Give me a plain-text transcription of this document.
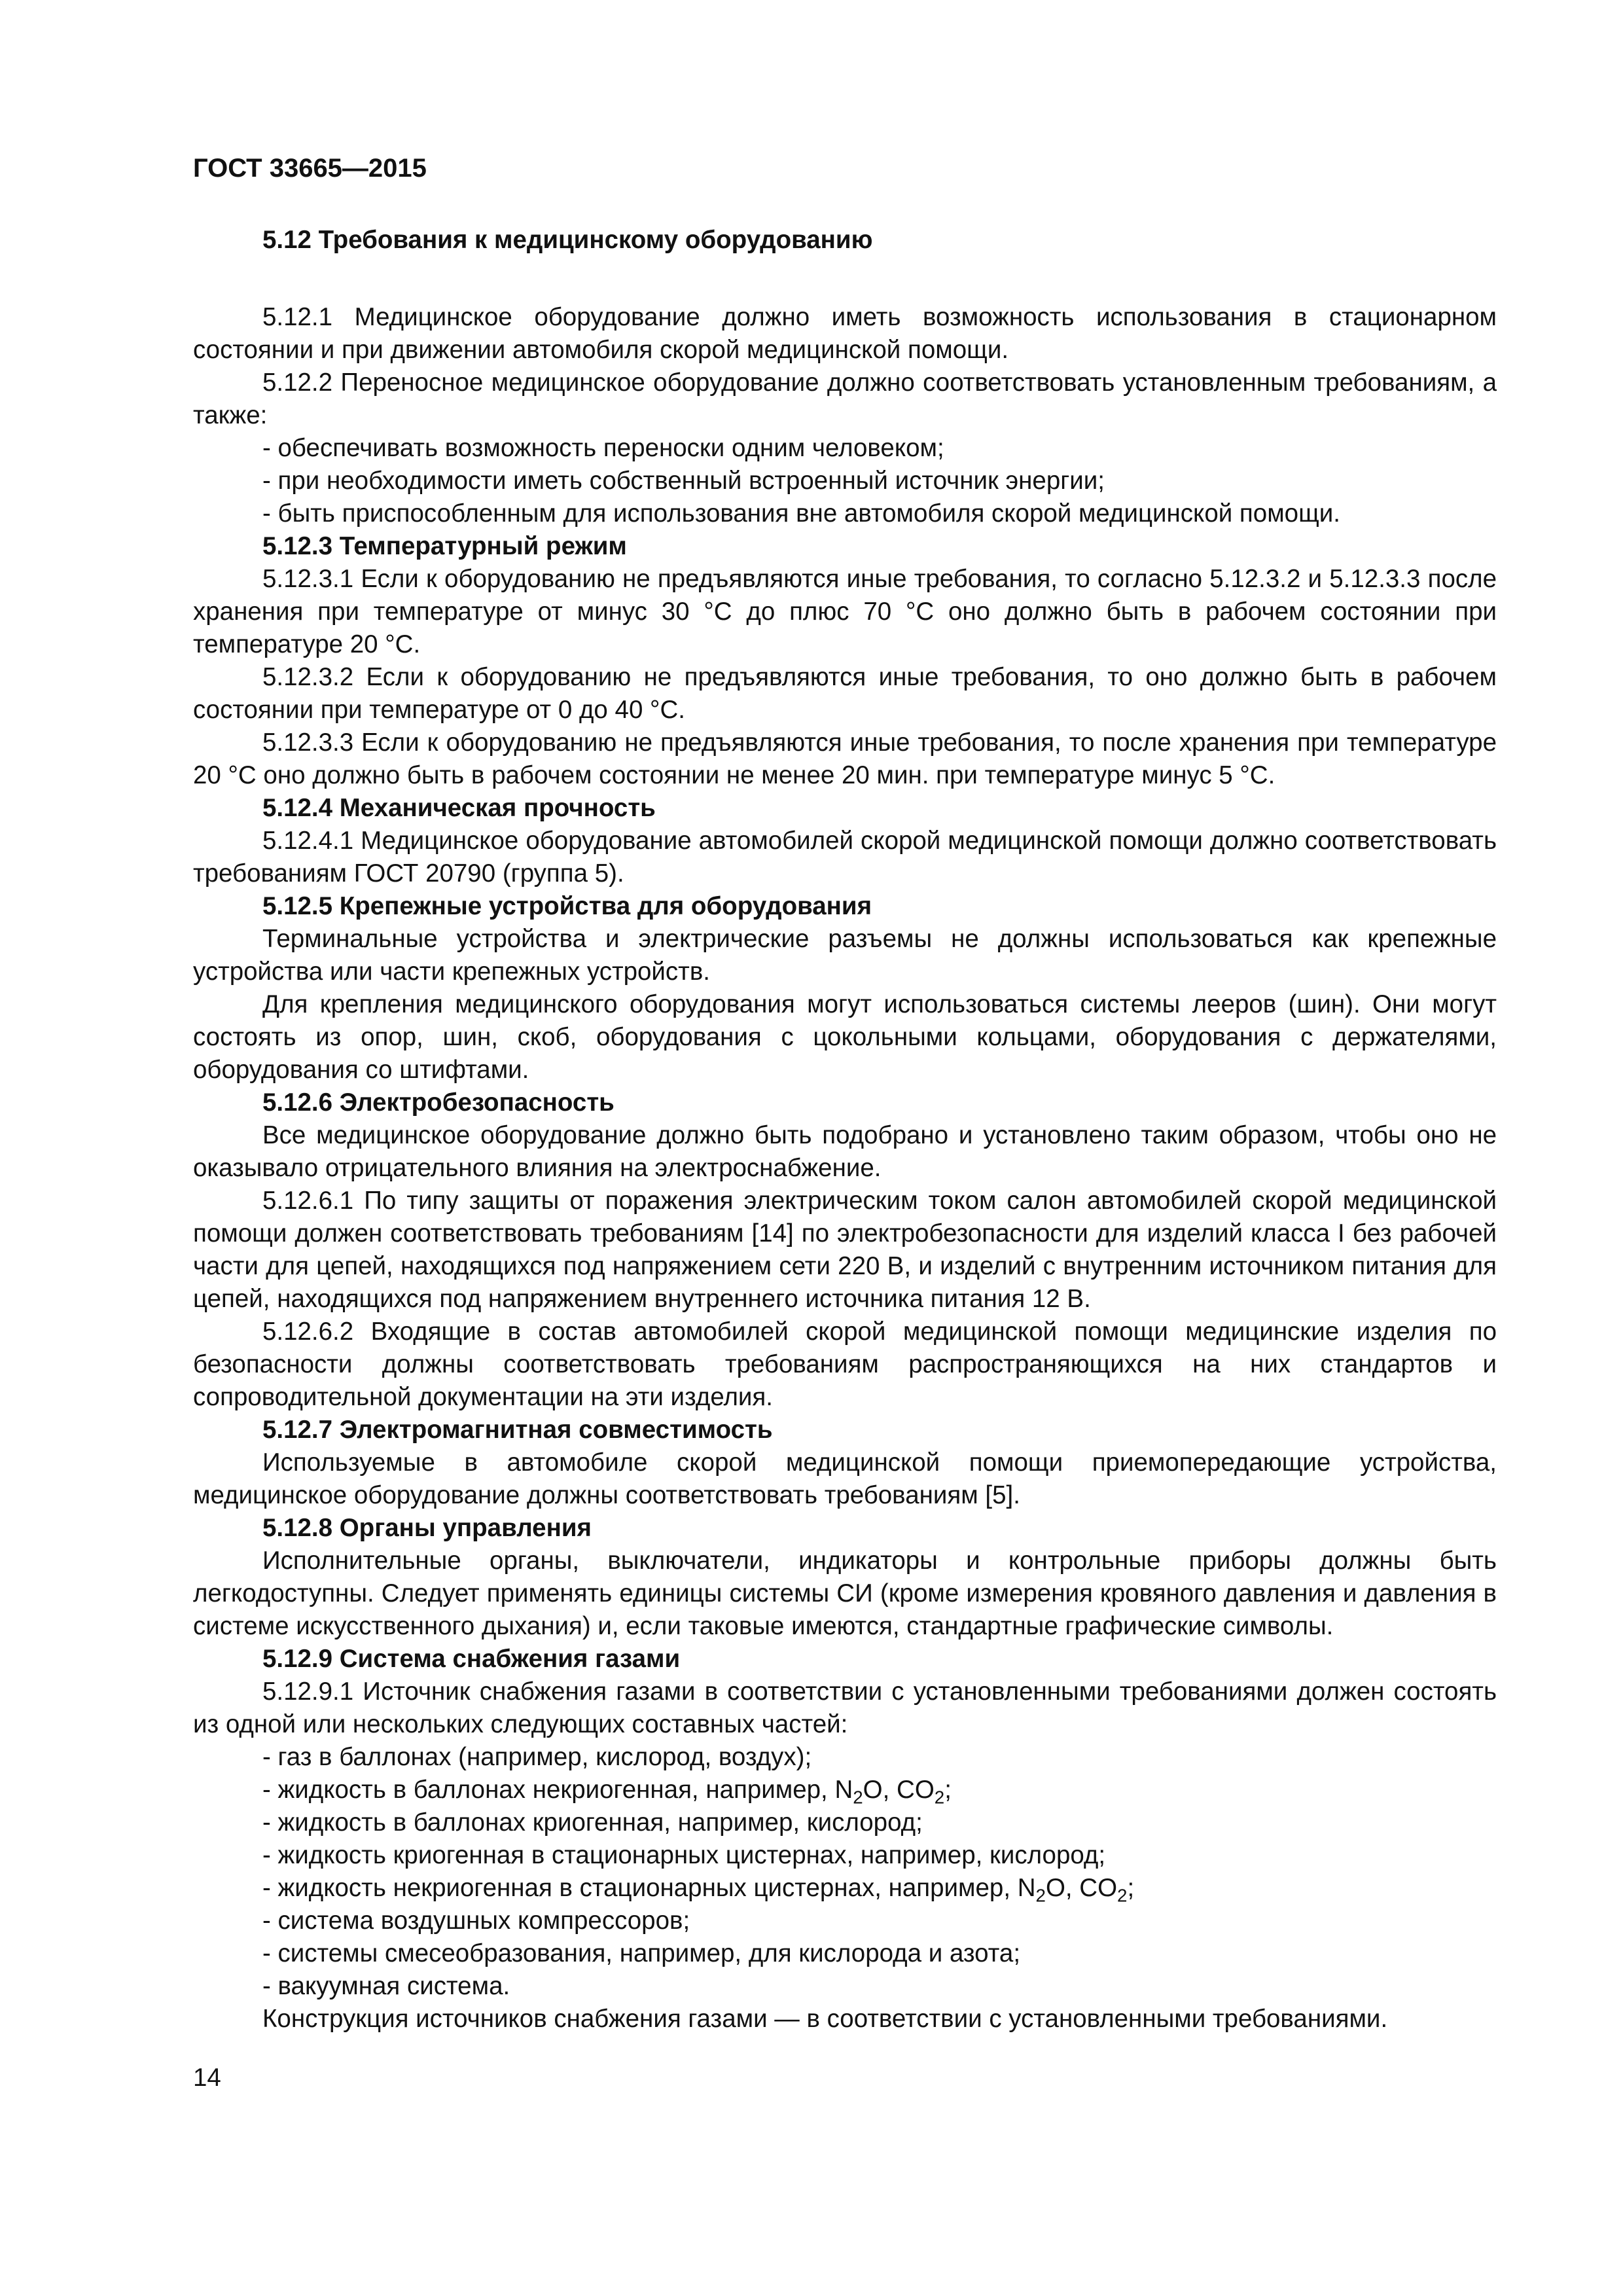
ГОСТ 33665—2015
5.12 Требования к медицинскому оборудованию

5.12.1 Медицинское оборудование должно иметь возможность использования в стационарном состоянии и при движении автомобиля скорой медицинской помощи.

5.12.2 Переносное медицинское оборудование должно соответствовать установленным требованиям, а также:

- обеспечивать возможность переноски одним человеком;

- при необходимости иметь собственный встроенный источник энергии;

- быть приспособленным для использования вне автомобиля скорой медицинской помощи.

5.12.3 Температурный режим

5.12.3.1 Если к оборудованию не предъявляются иные требования, то согласно 5.12.3.2 и 5.12.3.3 после хранения при температуре от минус 30 °С до плюс 70 °С оно должно быть в рабочем состоянии при температуре 20 °С.

5.12.3.2 Если к оборудованию не предъявляются иные требования, то оно должно быть в рабочем состоянии при температуре от 0 до 40 °С.

5.12.3.3 Если к оборудованию не предъявляются иные требования, то после хранения при температуре 20 °С оно должно быть в рабочем состоянии не менее 20 мин. при температуре минус 5 °С.

5.12.4 Механическая прочность

5.12.4.1 Медицинское оборудование автомобилей скорой медицинской помощи должно соответствовать требованиям ГОСТ 20790 (группа 5).

5.12.5 Крепежные устройства для оборудования

Терминальные устройства и электрические разъемы не должны использоваться как крепежные устройства или части крепежных устройств.

Для крепления медицинского оборудования могут использоваться системы лееров (шин). Они могут состоять из опор, шин, скоб, оборудования с цокольными кольцами, оборудования с держателями, оборудования со штифтами.

5.12.6 Электробезопасность

Все медицинское оборудование должно быть подобрано и установлено таким образом, чтобы оно не оказывало отрицательного влияния на электроснабжение.

5.12.6.1 По типу защиты от поражения электрическим током салон автомобилей скорой медицинской помощи должен соответствовать требованиям [14] по электробезопасности для изделий класса I без рабочей части для цепей, находящихся под напряжением сети 220 В, и изделий с внутренним источником питания для цепей, находящихся под напряжением внутреннего источника питания 12 В.

5.12.6.2 Входящие в состав автомобилей скорой медицинской помощи медицинские изделия по безопасности должны соответствовать требованиям распространяющихся на них стандартов и сопроводительной документации на эти изделия.

5.12.7 Электромагнитная совместимость

Используемые в автомобиле скорой медицинской помощи приемопередающие устройства, медицинское оборудование должны соответствовать требованиям [5].

5.12.8 Органы управления

Исполнительные органы, выключатели, индикаторы и контрольные приборы должны быть легкодоступны. Следует применять единицы системы СИ (кроме измерения кровяного давления и давления в системе искусственного дыхания) и, если таковые имеются, стандартные графические символы.

5.12.9 Система снабжения газами

5.12.9.1 Источник снабжения газами в соответствии с установленными требованиями должен состоять из одной или нескольких следующих составных частей:

- газ в баллонах (например, кислород, воздух);

- жидкость в баллонах некриогенная, например, $N_2O$, $CO_2$;

- жидкость в баллонах криогенная, например, кислород;

- жидкость криогенная в стационарных цистернах, например, кислород;

- жидкость некриогенная в стационарных цистернах, например, $N_2O$, $CO_2$;

- система воздушных компрессоров;

- системы смесеобразования, например, для кислорода и азота;

- вакуумная система.

Конструкция источников снабжения газами — в соответствии с установленными требованиями.

14
